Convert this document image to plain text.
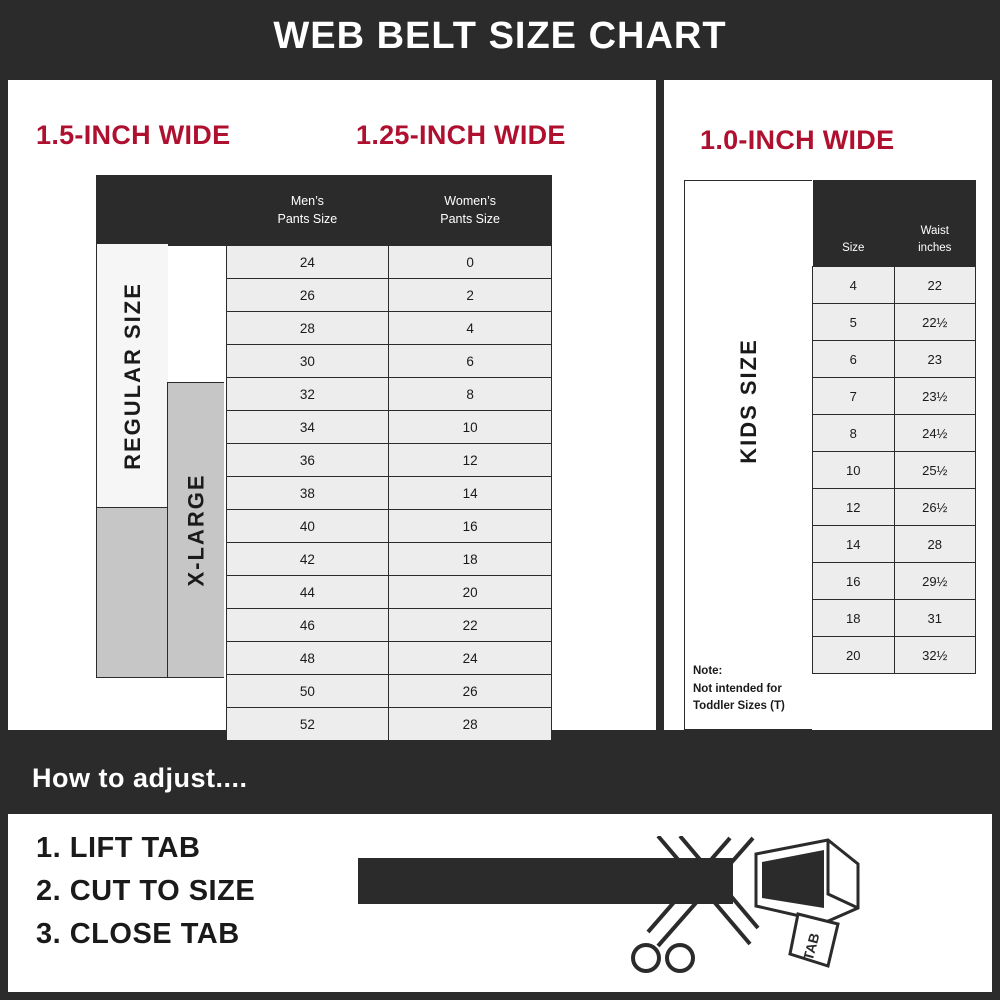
WEB BELT SIZE CHART
1.5-INCH WIDE	1.25-INCH WIDE

Men’s
Pants Size

Women’s
Pants Size

	24	0
	26	2
	28	4
	30	6
	32	8
	34	10
	36	12
	38	14
	40	16
	42	18
	44	20
	46	22
	48	24
	50	26
	52	28
REGULAR SIZE
X-LARGE
1.0-INCH WIDE
KIDS SIZE
Note:
Not intended for
Toddler Sizes (T)
Size	Waist
inches

4	22
5	22½
6	23
7	23½
8	24½
10	25½
12	26½
14	28
16	29½
18	31
20	32½
How to adjust....
1. LIFT TAB
2. CUT TO SIZE
3. CLOSE TAB	TAB
